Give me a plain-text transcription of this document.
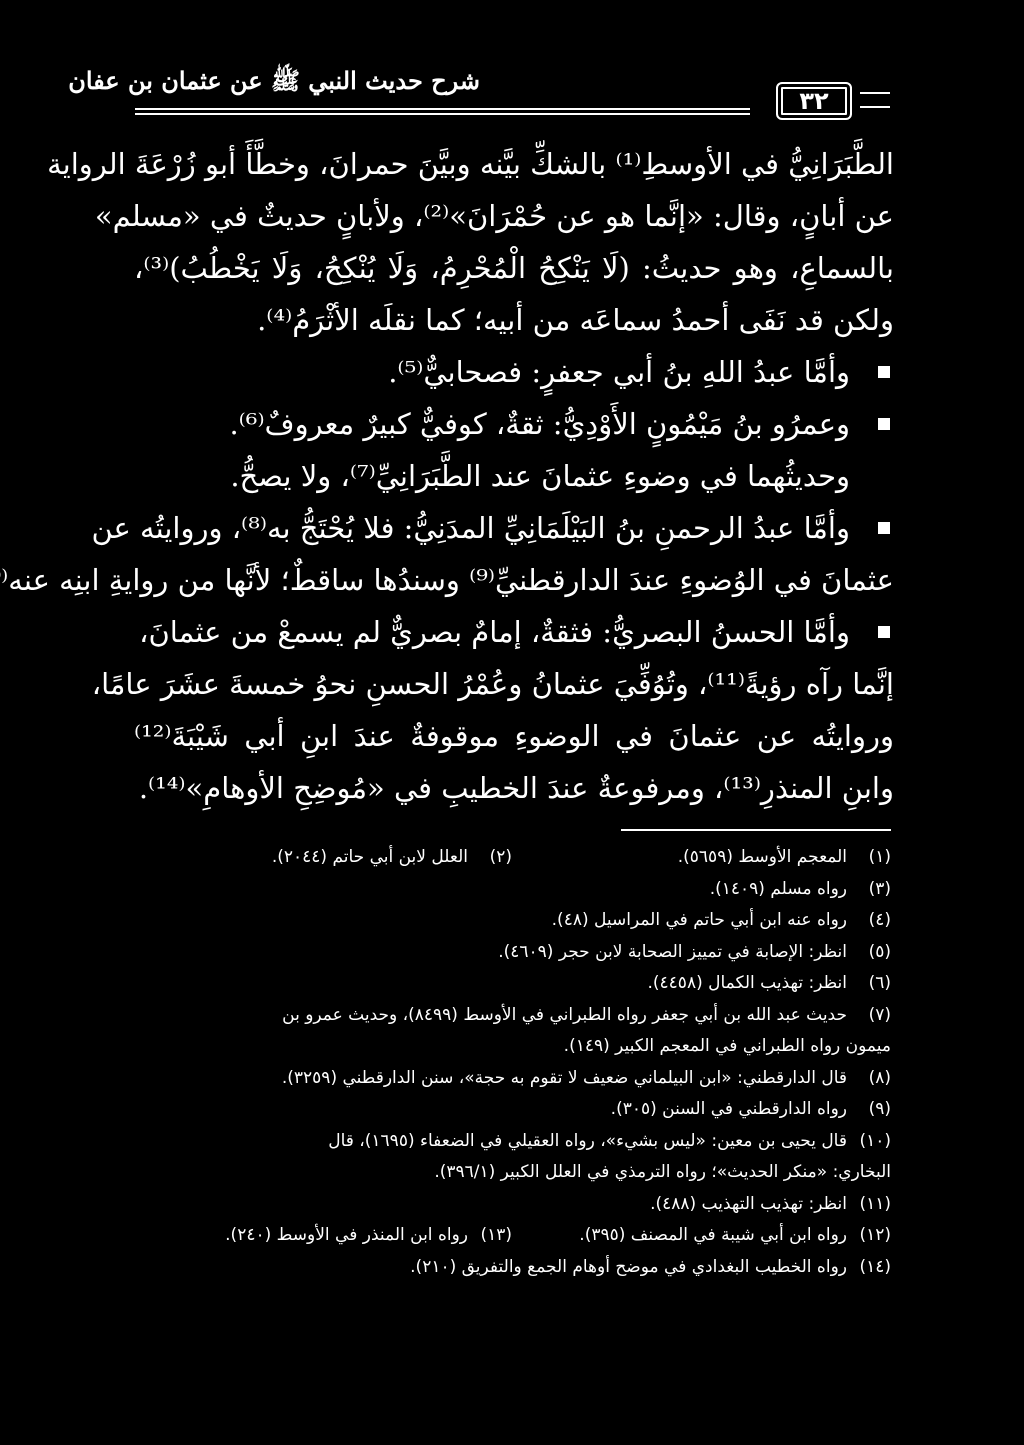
٣٢
شرح حديث النبي ﷺ عن عثمان بن عفان
الطَّبَرَانِيُّ في الأوسطِ⁽¹⁾ بالشكِّ بيَّنه وبيَّنَ حمرانَ، وخطَّأَ أبو زُرْعَةَ الرواية
عن أبانٍ، وقال: «إنَّما هو عن حُمْرَانَ»⁽²⁾، ولأبانٍ حديثٌ في «مسلم»
بالسماعِ، وهو حديثُ: (لَا يَنْكِحُ الْمُحْرِمُ، وَلَا يُنْكِحُ، وَلَا يَخْطُبُ)⁽³⁾،
ولكن قد نَفَى أحمدُ سماعَه من أبيه؛ كما نقلَه الأثْرَمُ⁽⁴⁾.
وأمَّا عبدُ اللهِ بنُ أبي جعفرٍ: فصحابيٌّ⁽⁵⁾.
وعمرُو بنُ مَيْمُونٍ الأَوْدِيُّ: ثقةٌ، كوفيٌّ كبيرٌ معروفٌ⁽⁶⁾.
وحديثُهما في وضوءِ عثمانَ عند الطَّبَرَانِيِّ⁽⁷⁾، ولا يصحُّ.
وأمَّا عبدُ الرحمنِ بنُ البَيْلَمَانِيِّ المدَنِيُّ: فلا يُحْتَجُّ به⁽⁸⁾، وروايتُه عن
عثمانَ في الوُضوءِ عندَ الدارقطنيِّ⁽⁹⁾ وسندُها ساقطٌ؛ لأنَّها من روايةِ ابنِه عنه⁽
وأمَّا الحسنُ البصريُّ: فثقةٌ، إمامٌ بصريٌّ لم يسمعْ من عثمانَ،
إنَّما رآه رؤيةً⁽¹¹⁾، وتُوُفِّيَ عثمانُ وعُمْرُ الحسنِ نحوُ خمسةَ عشَرَ عامًا،
وروايتُه عن عثمانَ في الوضوءِ موقوفةٌ عندَ ابنِ أبي شَيْبَةَ⁽¹²⁾
وابنِ المنذرِ⁽¹³⁾، ومرفوعةٌ عندَ الخطيبِ في «مُوضِحِ الأوهامِ»⁽¹⁴⁾.
(١)
المعجم الأوسط (٥٦٥٩).
(٢)
العلل لابن أبي حاتم (٢٠٤٤).
(٣)
رواه مسلم (١٤٠٩).
(٤)
رواه عنه ابن أبي حاتم في المراسيل (٤٨).
(٥)
انظر: الإصابة في تمييز الصحابة لابن حجر (٤٦٠٩).
(٦)
انظر: تهذيب الكمال (٤٤٥٨).
(٧)
حديث عبد الله بن أبي جعفر رواه الطبراني في الأوسط (٨٤٩٩)، وحديث عمرو بن
ميمون رواه الطبراني في المعجم الكبير (١٤٩).
(٨)
قال الدارقطني: «ابن البيلماني ضعيف لا تقوم به حجة»، سنن الدارقطني (٣٢٥٩).
(٩)
رواه الدارقطني في السنن (٣٠٥).
(١٠)
قال يحيى بن معين: «ليس بشيء»، رواه العقيلي في الضعفاء (١٦٩٥)، قال
البخاري: «منكر الحديث»؛ رواه الترمذي في العلل الكبير (٣٩٦/١).
(١١)
انظر: تهذيب التهذيب (٤٨٨).
(١٢)
رواه ابن أبي شيبة في المصنف (٣٩٥).
(١٣)
رواه ابن المنذر في الأوسط (٢٤٠).
(١٤)
رواه الخطيب البغدادي في موضح أوهام الجمع والتفريق (٢١٠).
